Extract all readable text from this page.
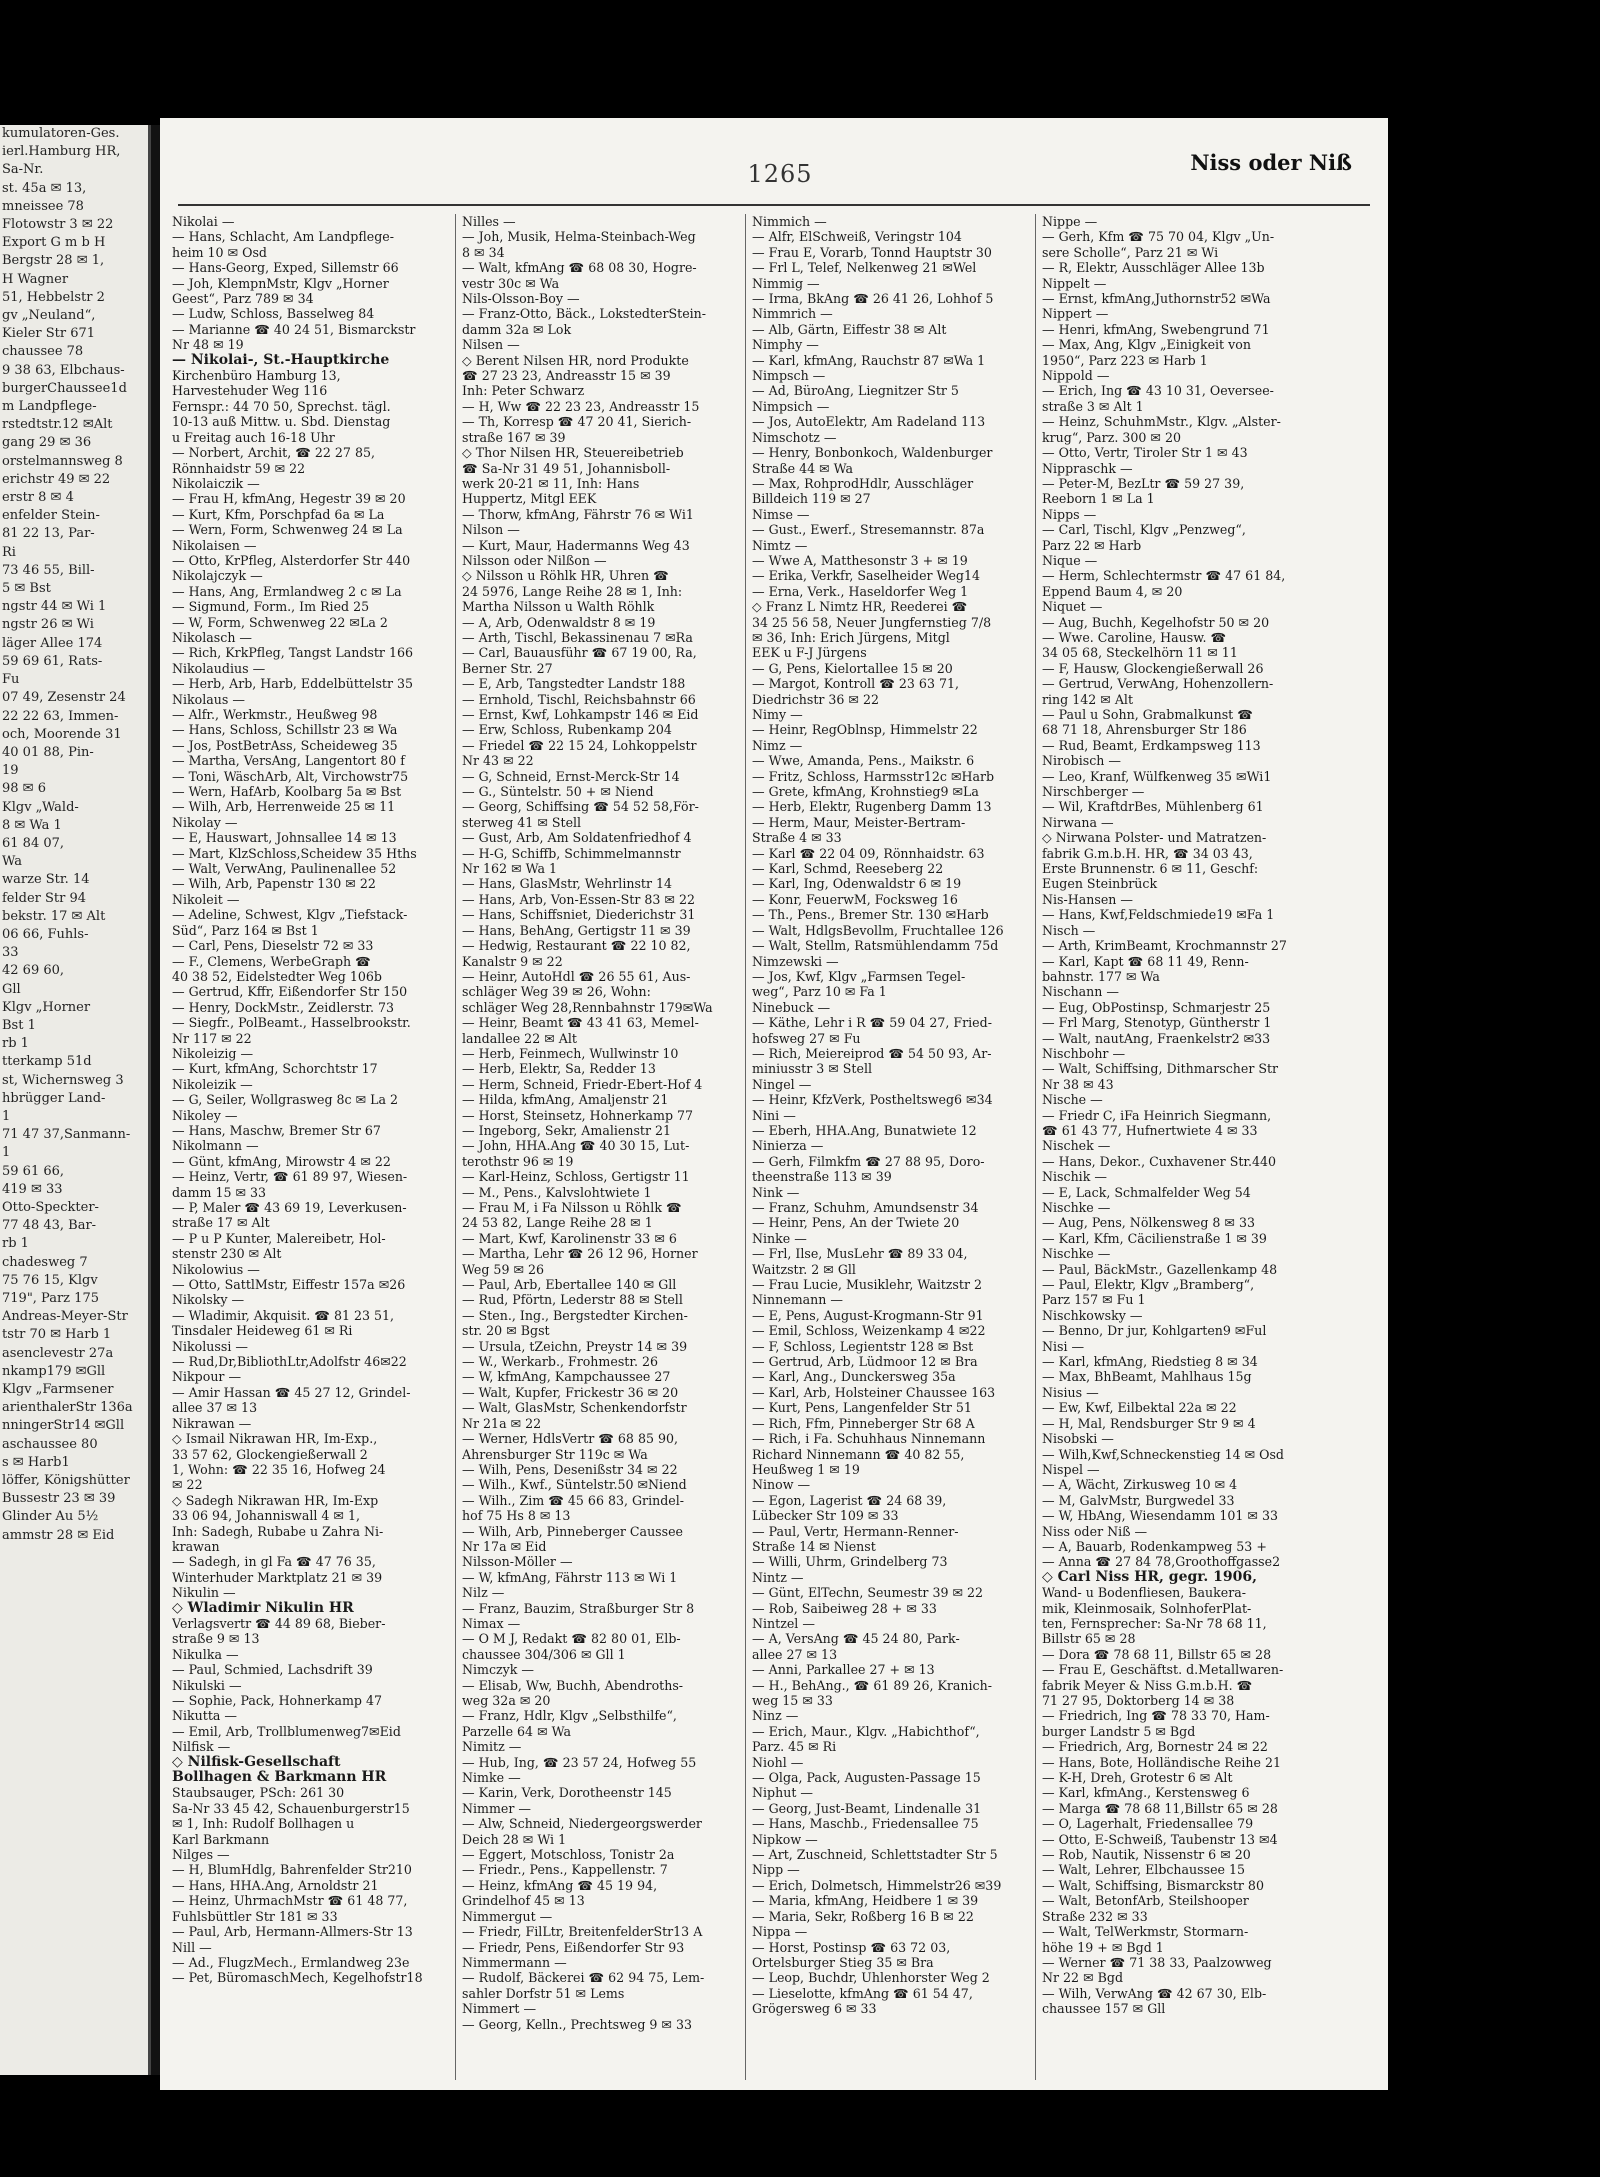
kumulatoren-Ges.
ierl.Hamburg HR,
Sa-Nr.
st. 45a ✉ 13,
mneissee 78
Flotowstr 3 ✉ 22
Export G m b H
Bergstr 28 ✉ 1,
H Wagner
51, Hebbelstr 2
gv „Neuland“,
Kieler Str 671
chaussee 78
9 38 63, Elbchaus-
burgerChaussee1d
m Landpflege-
rstedtstr.12 ✉Alt
gang 29 ✉ 36
orstelmannsweg 8
erichstr 49 ✉ 22
erstr 8 ✉ 4
enfelder Stein-
81 22 13, Par-
Ri
73 46 55, Bill-
5 ✉ Bst
ngstr 44 ✉ Wi 1
ngstr 26 ✉ Wi
läger Allee 174
59 69 61, Rats-
Fu
07 49, Zesenstr 24
22 22 63, Immen-
och, Moorende 31
40 01 88, Pin-
19
98 ✉ 6
Klgv „Wald-
8 ✉ Wa 1
61 84 07,
Wa
warze Str. 14
felder Str 94
bekstr. 17 ✉ Alt
06 66, Fuhls-
33
42 69 60,
Gll
Klgv „Horner
Bst 1
rb 1
tterkamp 51d
st, Wichernsweg 3
hbrügger Land-
1
71 47 37,Sanmann-
1
59 61 66,
419 ✉ 33
Otto-Speckter-
77 48 43, Bar-
rb 1
chadesweg 7
75 76 15, Klgv
719", Parz 175
Andreas-Meyer-Str
tstr 70 ✉ Harb 1
asenclevestr 27a
nkamp179 ✉Gll
Klgv „Farmsener
arienthalerStr 136a
nningerStr14 ✉Gll
aschaussee 80
s ✉ Harb1
löffer, Königshütter
Bussestr 23 ✉ 39
Glinder Au 5½
ammstr 28 ✉ Eid
1265	Niss oder Niß
Nikolai —
— Hans, Schlacht, Am Landpflege-
heim 10 ✉ Osd
— Hans-Georg, Exped, Sillemstr 66
— Joh, KlempnMstr, Klgv „Horner
Geest“, Parz 789 ✉ 34
— Ludw, Schloss, Basselweg 84
— Marianne ☎ 40 24 51, Bismarckstr
Nr 48 ✉ 19
— Nikolai-, St.-Hauptkirche
Kirchenbüro Hamburg 13,
Harvestehuder Weg 116
Fernspr.: 44 70 50, Sprechst. tägl.
10-13 auß Mittw. u. Sbd. Dienstag
u Freitag auch 16-18 Uhr
— Norbert, Archit, ☎ 22 27 85,
Rönnhaidstr 59 ✉ 22
Nikolaiczik —
— Frau H, kfmAng, Hegestr 39 ✉ 20
— Kurt, Kfm, Porschpfad 6a ✉ La
— Wern, Form, Schwenweg 24 ✉ La
Nikolaisen —
— Otto, KrPfleg, Alsterdorfer Str 440
Nikolajczyk —
— Hans, Ang, Ermlandweg 2 c ✉ La
— Sigmund, Form., Im Ried 25
— W, Form, Schwenweg 22 ✉La 2
Nikolasch —
— Rich, KrkPfleg, Tangst Landstr 166
Nikolaudius —
— Herb, Arb, Harb, Eddelbüttelstr 35
Nikolaus —
— Alfr., Werkmstr., Heußweg 98
— Hans, Schloss, Schillstr 23 ✉ Wa
— Jos, PostBetrAss, Scheideweg 35
— Martha, VersAng, Langentort 80 f
— Toni, WäschArb, Alt, Virchowstr75
— Wern, HafArb, Koolbarg 5a ✉ Bst
— Wilh, Arb, Herrenweide 25 ✉ 11
Nikolay —
— E, Hauswart, Johnsallee 14 ✉ 13
— Mart, KlzSchloss,Scheidew 35 Hths
— Walt, VerwAng, Paulinenallee 52
— Wilh, Arb, Papenstr 130 ✉ 22
Nikoleit —
— Adeline, Schwest, Klgv „Tiefstack-
Süd“, Parz 164 ✉ Bst 1
— Carl, Pens, Dieselstr 72 ✉ 33
— F., Clemens, WerbeGraph ☎
40 38 52, Eidelstedter Weg 106b
— Gertrud, Kffr, Eißendorfer Str 150
— Henry, DockMstr., Zeidlerstr. 73
— Siegfr., PolBeamt., Hasselbrookstr.
Nr 117 ✉ 22
Nikoleizig —
— Kurt, kfmAng, Schorchtstr 17
Nikoleizik —
— G, Seiler, Wollgrasweg 8c ✉ La 2
Nikoley —
— Hans, Maschw, Bremer Str 67
Nikolmann —
— Günt, kfmAng, Mirowstr 4 ✉ 22
— Heinz, Vertr, ☎ 61 89 97, Wiesen-
damm 15 ✉ 33
— P, Maler ☎ 43 69 19, Leverkusen-
straße 17 ✉ Alt
— P u P Kunter, Malereibetr, Hol-
stenstr 230 ✉ Alt
Nikolowius —
— Otto, SattlMstr, Eiffestr 157a ✉26
Nikolsky —
— Wladimir, Akquisit. ☎ 81 23 51,
Tinsdaler Heideweg 61 ✉ Ri
Nikolussi —
— Rud,Dr,BibliothLtr,Adolfstr 46✉22
Nikpour —
— Amir Hassan ☎ 45 27 12, Grindel-
allee 37 ✉ 13
Nikrawan —
◇ Ismail Nikrawan HR, Im-Exp.,
33 57 62, Glockengießerwall 2
1, Wohn: ☎ 22 35 16, Hofweg 24
✉ 22
◇ Sadegh Nikrawan HR, Im-Exp
33 06 94, Johanniswall 4 ✉ 1,
Inh: Sadegh, Rubabe u Zahra Ni-
krawan
— Sadegh, in gl Fa ☎ 47 76 35,
Winterhuder Marktplatz 21 ✉ 39
Nikulin —
◇ Wladimir Nikulin HR
Verlagsvertr ☎ 44 89 68, Bieber-
straße 9 ✉ 13
Nikulka —
— Paul, Schmied, Lachsdrift 39
Nikulski —
— Sophie, Pack, Hohnerkamp 47
Nikutta —
— Emil, Arb, Trollblumenweg7✉Eid
Nilfisk —
◇ Nilfisk-Gesellschaft
Bollhagen & Barkmann HR
Staubsauger, PSch: 261 30
Sa-Nr 33 45 42, Schauenburgerstr15
✉ 1, Inh: Rudolf Bollhagen u
Karl Barkmann
Nilges —
— H, BlumHdlg, Bahrenfelder Str210
— Hans, HHA.Ang, Arnoldstr 21
— Heinz, UhrmachMstr ☎ 61 48 77,
Fuhlsbüttler Str 181 ✉ 33
— Paul, Arb, Hermann-Allmers-Str 13
Nill —
— Ad., FlugzMech., Ermlandweg 23e
— Pet, BüromaschMech, Kegelhofstr18
Nilles —
— Joh, Musik, Helma-Steinbach-Weg
8 ✉ 34
— Walt, kfmAng ☎ 68 08 30, Hogre-
vestr 30c ✉ Wa
Nils-Olsson-Boy —
— Franz-Otto, Bäck., LokstedterStein-
damm 32a ✉ Lok
Nilsen —
◇ Berent Nilsen HR, nord Produkte
☎ 27 23 23, Andreasstr 15 ✉ 39
Inh: Peter Schwarz
— H, Ww ☎ 22 23 23, Andreasstr 15
— Th, Korresp ☎ 47 20 41, Sierich-
straße 167 ✉ 39
◇ Thor Nilsen HR, Steuereibetrieb
☎ Sa-Nr 31 49 51, Johannisboll-
werk 20-21 ✉ 11, Inh: Hans
Huppertz, Mitgl EEK
— Thorw, kfmAng, Fährstr 76 ✉ Wi1
Nilson —
— Kurt, Maur, Hadermanns Weg 43
Nilsson oder Nilßon —
◇ Nilsson u Röhlk HR, Uhren ☎
24 5976, Lange Reihe 28 ✉ 1, Inh:
Martha Nilsson u Walth Röhlk
— A, Arb, Odenwaldstr 8 ✉ 19
— Arth, Tischl, Bekassinenau 7 ✉Ra
— Carl, Bauausführ ☎ 67 19 00, Ra,
Berner Str. 27
— E, Arb, Tangstedter Landstr 188
— Ernhold, Tischl, Reichsbahnstr 66
— Ernst, Kwf, Lohkampstr 146 ✉ Eid
— Erw, Schloss, Rubenkamp 204
— Friedel ☎ 22 15 24, Lohkoppelstr
Nr 43 ✉ 22
— G, Schneid, Ernst-Merck-Str 14
— G., Süntelstr. 50 + ✉ Niend
— Georg, Schiffsing ☎ 54 52 58,För-
sterweg 41 ✉ Stell
— Gust, Arb, Am Soldatenfriedhof 4
— H-G, Schiffb, Schimmelmannstr
Nr 162 ✉ Wa 1
— Hans, GlasMstr, Wehrlinstr 14
— Hans, Arb, Von-Essen-Str 83 ✉ 22
— Hans, Schiffsniet, Diederichstr 31
— Hans, BehAng, Gertigstr 11 ✉ 39
— Hedwig, Restaurant ☎ 22 10 82,
Kanalstr 9 ✉ 22
— Heinr, AutoHdl ☎ 26 55 61, Aus-
schläger Weg 39 ✉ 26, Wohn:
schläger Weg 28,Rennbahnstr 179✉Wa
— Heinr, Beamt ☎ 43 41 63, Memel-
landallee 22 ✉ Alt
— Herb, Feinmech, Wullwinstr 10
— Herb, Elektr, Sa, Redder 13
— Herm, Schneid, Friedr-Ebert-Hof 4
— Hilda, kfmAng, Amaljenstr 21
— Horst, Steinsetz, Hohnerkamp 77
— Ingeborg, Sekr, Amalienstr 21
— John, HHA.Ang ☎ 40 30 15, Lut-
terothstr 96 ✉ 19
— Karl-Heinz, Schloss, Gertigstr 11
— M., Pens., Kalvslohtwiete 1
— Frau M, i Fa Nilsson u Röhlk ☎
24 53 82, Lange Reihe 28 ✉ 1
— Mart, Kwf, Karolinenstr 33 ✉ 6
— Martha, Lehr ☎ 26 12 96, Horner
Weg 59 ✉ 26
— Paul, Arb, Ebertallee 140 ✉ Gll
— Rud, Pförtn, Lederstr 88 ✉ Stell
— Sten., Ing., Bergstedter Kirchen-
str. 20 ✉ Bgst
— Ursula, tZeichn, Preystr 14 ✉ 39
— W., Werkarb., Frohmestr. 26
— W, kfmAng, Kampchaussee 27
— Walt, Kupfer, Frickestr 36 ✉ 20
— Walt, GlasMstr, Schenkendorfstr
Nr 21a ✉ 22
— Werner, HdlsVertr ☎ 68 85 90,
Ahrensburger Str 119c ✉ Wa
— Wilh, Pens, Desenißstr 34 ✉ 22
— Wilh., Kwf., Süntelstr.50 ✉Niend
— Wilh., Zim ☎ 45 66 83, Grindel-
hof 75 Hs 8 ✉ 13
— Wilh, Arb, Pinneberger Caussee
Nr 17a ✉ Eid
Nilsson-Möller —
— W, kfmAng, Fährstr 113 ✉ Wi 1
Nilz —
— Franz, Bauzim, Straßburger Str 8
Nimax —
— O M J, Redakt ☎ 82 80 01, Elb-
chaussee 304/306 ✉ Gll 1
Nimczyk —
— Elisab, Ww, Buchh, Abendroths-
weg 32a ✉ 20
— Franz, Hdlr, Klgv „Selbsthilfe“,
Parzelle 64 ✉ Wa
Nimitz —
— Hub, Ing, ☎ 23 57 24, Hofweg 55
Nimke —
— Karin, Verk, Dorotheenstr 145
Nimmer —
— Alw, Schneid, Niedergeorgswerder
Deich 28 ✉ Wi 1
— Eggert, Motschloss, Tonistr 2a
— Friedr., Pens., Kappellenstr. 7
— Heinz, kfmAng ☎ 45 19 94,
Grindelhof 45 ✉ 13
Nimmergut —
— Friedr, FilLtr, BreitenfelderStr13 A
— Friedr, Pens, Eißendorfer Str 93
Nimmermann —
— Rudolf, Bäckerei ☎ 62 94 75, Lem-
sahler Dorfstr 51 ✉ Lems
Nimmert —
— Georg, Kelln., Prechtsweg 9 ✉ 33
Nimmich —
— Alfr, ElSchweiß, Veringstr 104
— Frau E, Vorarb, Tonnd Hauptstr 30
— Frl L, Telef, Nelkenweg 21 ✉Wel
Nimmig —
— Irma, BkAng ☎ 26 41 26, Lohhof 5
Nimmrich —
— Alb, Gärtn, Eiffestr 38 ✉ Alt
Nimphy —
— Karl, kfmAng, Rauchstr 87 ✉Wa 1
Nimpsch —
— Ad, BüroAng, Liegnitzer Str 5
Nimpsich —
— Jos, AutoElektr, Am Radeland 113
Nimschotz —
— Henry, Bonbonkoch, Waldenburger
Straße 44 ✉ Wa
— Max, RohprodHdlr, Ausschläger
Billdeich 119 ✉ 27
Nimse —
— Gust., Ewerf., Stresemannstr. 87a
Nimtz —
— Wwe A, Matthesonstr 3 + ✉ 19
— Erika, Verkfr, Saselheider Weg14
— Erna, Verk., Haseldorfer Weg 1
◇ Franz L Nimtz HR, Reederei ☎
34 25 56 58, Neuer Jungfernstieg 7/8
✉ 36, Inh: Erich Jürgens, Mitgl
EEK u F-J Jürgens
— G, Pens, Kielortallee 15 ✉ 20
— Margot, Kontroll ☎ 23 63 71,
Diedrichstr 36 ✉ 22
Nimy —
— Heinr, RegOblnsp, Himmelstr 22
Nimz —
— Wwe, Amanda, Pens., Maikstr. 6
— Fritz, Schloss, Harmsstr12c ✉Harb
— Grete, kfmAng, Krohnstieg9 ✉La
— Herb, Elektr, Rugenberg Damm 13
— Herm, Maur, Meister-Bertram-
Straße 4 ✉ 33
— Karl ☎ 22 04 09, Rönnhaidstr. 63
— Karl, Schmd, Reeseberg 22
— Karl, Ing, Odenwaldstr 6 ✉ 19
— Konr, FeuerwM, Focksweg 16
— Th., Pens., Bremer Str. 130 ✉Harb
— Walt, HdlgsBevollm, Fruchtallee 126
— Walt, Stellm, Ratsmühlendamm 75d
Nimzewski —
— Jos, Kwf, Klgv „Farmsen Tegel-
weg“, Parz 10 ✉ Fa 1
Ninebuck —
— Käthe, Lehr i R ☎ 59 04 27, Fried-
hofsweg 27 ✉ Fu
— Rich, Meiereiprod ☎ 54 50 93, Ar-
miniusstr 3 ✉ Stell
Ningel —
— Heinr, KfzVerk, Postheltsweg6 ✉34
Nini —
— Eberh, HHA.Ang, Bunatwiete 12
Ninierza —
— Gerh, Filmkfm ☎ 27 88 95, Doro-
theenstraße 113 ✉ 39
Nink —
— Franz, Schuhm, Amundsenstr 34
— Heinr, Pens, An der Twiete 20
Ninke —
— Frl, Ilse, MusLehr ☎ 89 33 04,
Waitzstr. 2 ✉ Gll
— Frau Lucie, Musiklehr, Waitzstr 2
Ninnemann —
— E, Pens, August-Krogmann-Str 91
— Emil, Schloss, Weizenkamp 4 ✉22
— F, Schloss, Legientstr 128 ✉ Bst
— Gertrud, Arb, Lüdmoor 12 ✉ Bra
— Karl, Ang., Dunckersweg 35a
— Karl, Arb, Holsteiner Chaussee 163
— Kurt, Pens, Langenfelder Str 51
— Rich, Ffm, Pinneberger Str 68 A
— Rich, i Fa. Schuhhaus Ninnemann
Richard Ninnemann ☎ 40 82 55,
Heußweg 1 ✉ 19
Ninow —
— Egon, Lagerist ☎ 24 68 39,
Lübecker Str 109 ✉ 33
— Paul, Vertr, Hermann-Renner-
Straße 14 ✉ Nienst
— Willi, Uhrm, Grindelberg 73
Nintz —
— Günt, ElTechn, Seumestr 39 ✉ 22
— Rob, Saibeiweg 28 + ✉ 33
Nintzel —
— A, VersAng ☎ 45 24 80, Park-
allee 27 ✉ 13
— Anni, Parkallee 27 + ✉ 13
— H., BehAng., ☎ 61 89 26, Kranich-
weg 15 ✉ 33
Ninz —
— Erich, Maur., Klgv. „Habichthof“,
Parz. 45 ✉ Ri
Niohl —
— Olga, Pack, Augusten-Passage 15
Niphut —
— Georg, Just-Beamt, Lindenalle 31
— Hans, Maschb., Friedensallee 75
Nipkow —
— Art, Zuschneid, Schlettstadter Str 5
Nipp —
— Erich, Dolmetsch, Himmelstr26 ✉39
— Maria, kfmAng, Heidbere 1 ✉ 39
— Maria, Sekr, Roßberg 16 B ✉ 22
Nippa —
— Horst, Postinsp ☎ 63 72 03,
Ortelsburger Stieg 35 ✉ Bra
— Leop, Buchdr, Uhlenhorster Weg 2
— Lieselotte, kfmAng ☎ 61 54 47,
Grögersweg 6 ✉ 33
Nippe —
— Gerh, Kfm ☎ 75 70 04, Klgv „Un-
sere Scholle“, Parz 21 ✉ Wi
— R, Elektr, Ausschläger Allee 13b
Nippelt —
— Ernst, kfmAng,Juthornstr52 ✉Wa
Nippert —
— Henri, kfmAng, Swebengrund 71
— Max, Ang, Klgv „Einigkeit von
1950“, Parz 223 ✉ Harb 1
Nippold —
— Erich, Ing ☎ 43 10 31, Oeversee-
straße 3 ✉ Alt 1
— Heinz, SchuhmMstr., Klgv. „Alster-
krug“, Parz. 300 ✉ 20
— Otto, Vertr, Tiroler Str 1 ✉ 43
Nippraschk —
— Peter-M, BezLtr ☎ 59 27 39,
Reeborn 1 ✉ La 1
Nipps —
— Carl, Tischl, Klgv „Penzweg“,
Parz 22 ✉ Harb
Nique —
— Herm, Schlechtermstr ☎ 47 61 84,
Eppend Baum 4, ✉ 20
Niquet —
— Aug, Buchh, Kegelhofstr 50 ✉ 20
— Wwe. Caroline, Hausw. ☎
34 05 68, Steckelhörn 11 ✉ 11
— F, Hausw, Glockengießerwall 26
— Gertrud, VerwAng, Hohenzollern-
ring 142 ✉ Alt
— Paul u Sohn, Grabmalkunst ☎
68 71 18, Ahrensburger Str 186
— Rud, Beamt, Erdkampsweg 113
Nirobisch —
— Leo, Kranf, Wülfkenweg 35 ✉Wi1
Nirschberger —
— Wil, KraftdrBes, Mühlenberg 61
Nirwana —
◇ Nirwana Polster- und Matratzen-
fabrik G.m.b.H. HR, ☎ 34 03 43,
Erste Brunnenstr. 6 ✉ 11, Geschf:
Eugen Steinbrück
Nis-Hansen —
— Hans, Kwf,Feldschmiede19 ✉Fa 1
Nisch —
— Arth, KrimBeamt, Krochmannstr 27
— Karl, Kapt ☎ 68 11 49, Renn-
bahnstr. 177 ✉ Wa
Nischann —
— Eug, ObPostinsp, Schmarjestr 25
— Frl Marg, Stenotyp, Güntherstr 1
— Walt, nautAng, Fraenkelstr2 ✉33
Nischbohr —
— Walt, Schiffsing, Dithmarscher Str
Nr 38 ✉ 43
Nische —
— Friedr C, iFa Heinrich Siegmann,
☎ 61 43 77, Hufnertwiete 4 ✉ 33
Nischek —
— Hans, Dekor., Cuxhavener Str.440
Nischik —
— E, Lack, Schmalfelder Weg 54
Nischke —
— Aug, Pens, Nölkensweg 8 ✉ 33
— Karl, Kfm, Cäcilienstraße 1 ✉ 39
Nischke —
— Paul, BäckMstr., Gazellenkamp 48
— Paul, Elektr, Klgv „Bramberg“,
Parz 157 ✉ Fu 1
Nischkowsky —
— Benno, Dr jur, Kohlgarten9 ✉Ful
Nisi —
— Karl, kfmAng, Riedstieg 8 ✉ 34
— Max, BhBeamt, Mahlhaus 15g
Nisius —
— Ew, Kwf, Eilbektal 22a ✉ 22
— H, Mal, Rendsburger Str 9 ✉ 4
Nisobski —
— Wilh,Kwf,Schneckenstieg 14 ✉ Osd
Nispel —
— A, Wächt, Zirkusweg 10 ✉ 4
— M, GalvMstr, Burgwedel 33
— W, HbAng, Wiesendamm 101 ✉ 33
Niss oder Niß —
— A, Bauarb, Rodenkampweg 53 +
— Anna ☎ 27 84 78,Groothoffgasse2
◇ Carl Niss HR, gegr. 1906,
Wand- u Bodenfliesen, Baukera-
mik, Kleinmosaik, SolnhoferPlat-
ten, Fernsprecher: Sa-Nr 78 68 11,
Billstr 65 ✉ 28
— Dora ☎ 78 68 11, Billstr 65 ✉ 28
— Frau E, Geschäftst. d.Metallwaren-
fabrik Meyer & Niss G.m.b.H. ☎
71 27 95, Doktorberg 14 ✉ 38
— Friedrich, Ing ☎ 78 33 70, Ham-
burger Landstr 5 ✉ Bgd
— Friedrich, Arg, Bornestr 24 ✉ 22
— Hans, Bote, Holländische Reihe 21
— K-H, Dreh, Grotestr 6 ✉ Alt
— Karl, kfmAng., Kerstensweg 6
— Marga ☎ 78 68 11,Billstr 65 ✉ 28
— O, Lagerhalt, Friedensallee 79
— Otto, E-Schweiß, Taubenstr 13 ✉4
— Rob, Nautik, Nissenstr 6 ✉ 20
— Walt, Lehrer, Elbchaussee 15
— Walt, Schiffsing, Bismarckstr 80
— Walt, BetonfArb, Steilshooper
Straße 232 ✉ 33
— Walt, TelWerkmstr, Stormarn-
höhe 19 + ✉ Bgd 1
— Werner ☎ 71 38 33, Paalzowweg
Nr 22 ✉ Bgd
— Wilh, VerwAng ☎ 42 67 30, Elb-
chaussee 157 ✉ Gll
